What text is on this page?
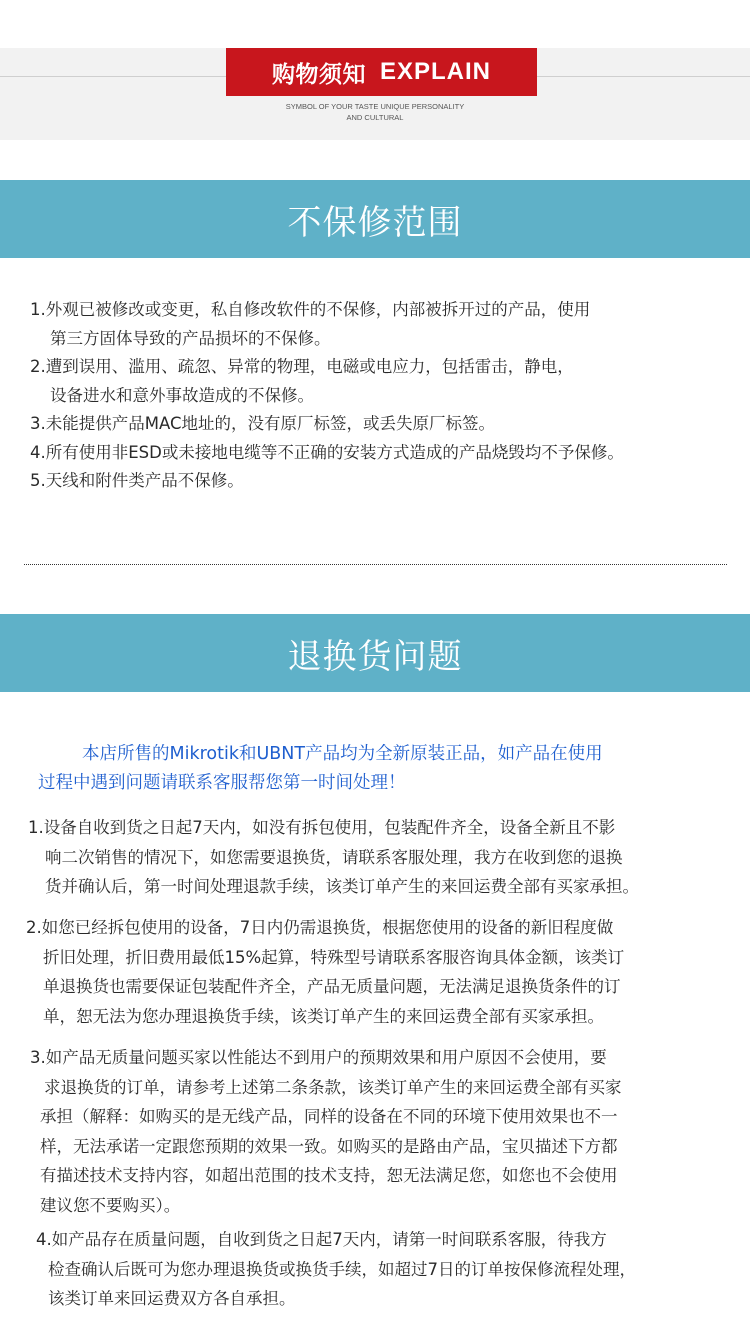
购物须知 EXPLAIN
SYMBOL OF YOUR TASTE UNIQUE PERSONALITY
AND CULTURAL
不保修范围
1.外观已被修改或变更，私自修改软件的不保修，内部被拆开过的产品，使用
第三方固体导致的产品损坏的不保修。
2.遭到误用、滥用、疏忽、异常的物理，电磁或电应力，包括雷击，静电，
设备进水和意外事故造成的不保修。
3.未能提供产品MAC地址的，没有原厂标签，或丢失原厂标签。
4.所有使用非ESD或未接地电缆等不正确的安装方式造成的产品烧毁均不予保修。
5.天线和附件类产品不保修。
退换货问题
本店所售的Mikrotik和UBNT产品均为全新原装正品，如产品在使用
过程中遇到问题请联系客服帮您第一时间处理！
1.设备自收到货之日起7天内，如没有拆包使用，包装配件齐全，设备全新且不影
响二次销售的情况下，如您需要退换货，请联系客服处理，我方在收到您的退换
货并确认后，第一时间处理退款手续，该类订单产生的来回运费全部有买家承担。
2.如您已经拆包使用的设备，7日内仍需退换货，根据您使用的设备的新旧程度做
折旧处理，折旧费用最低15%起算，特殊型号请联系客服咨询具体金额，该类订
单退换货也需要保证包装配件齐全，产品无质量问题，无法满足退换货条件的订
单，恕无法为您办理退换货手续，该类订单产生的来回运费全部有买家承担。
3.如产品无质量问题买家以性能达不到用户的预期效果和用户原因不会使用，要
求退换货的订单，请参考上述第二条条款，该类订单产生的来回运费全部有买家
承担（解释：如购买的是无线产品，同样的设备在不同的环境下使用效果也不一
样，无法承诺一定跟您预期的效果一致。如购买的是路由产品，宝贝描述下方都
有描述技术支持内容，如超出范围的技术支持，恕无法满足您，如您也不会使用
建议您不要购买）。
4.如产品存在质量问题，自收到货之日起7天内，请第一时间联系客服，待我方
检查确认后既可为您办理退换货或换货手续，如超过7日的订单按保修流程处理，
该类订单来回运费双方各自承担。
